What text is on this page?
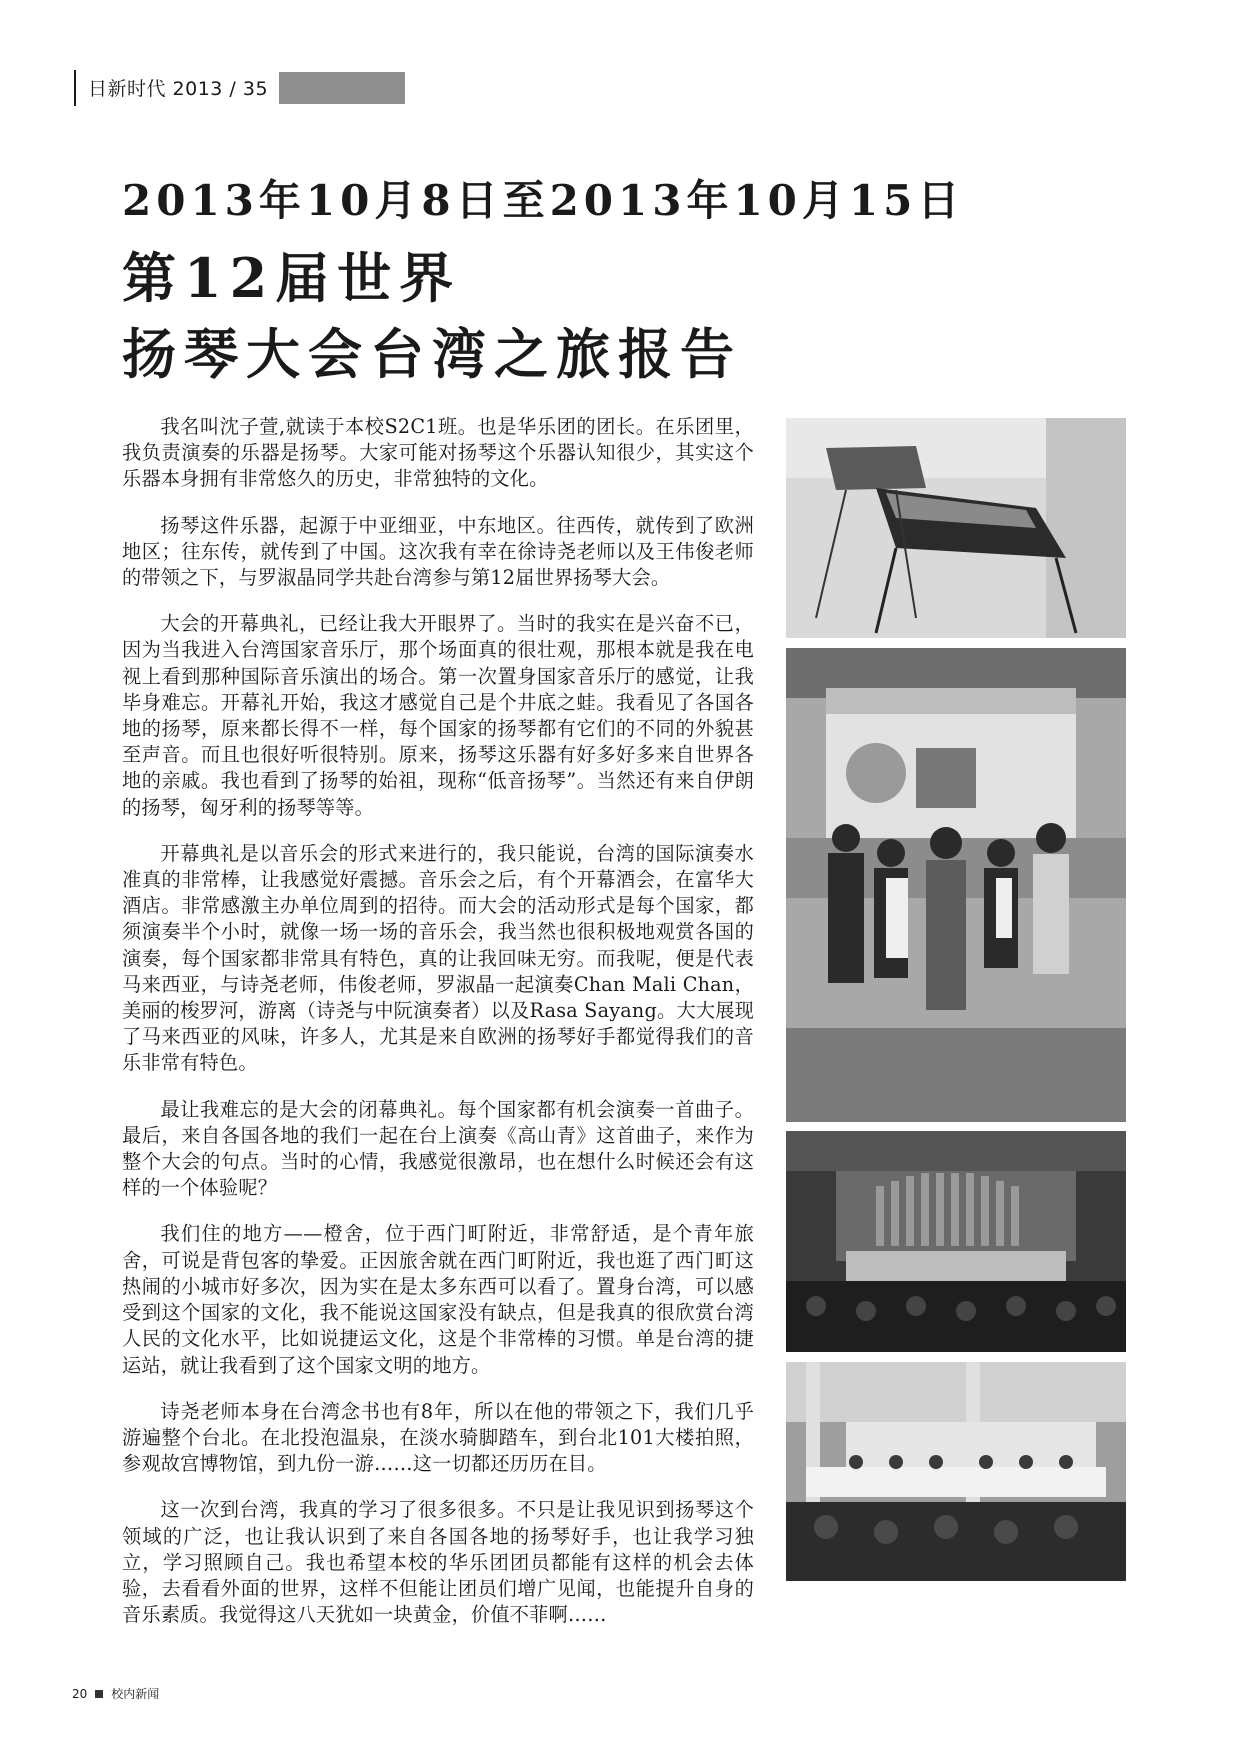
日新时代 2013 / 35
2013年10月8日至2013年10月15日
第12届世界
扬琴大会台湾之旅报告

我名叫沈子萱,就读于本校S2C1班。也是华乐团的团长。在乐团里，我负责演奏的乐器是扬琴。大家可能对扬琴这个乐器认知很少，其实这个乐器本身拥有非常悠久的历史，非常独特的文化。

扬琴这件乐器，起源于中亚细亚，中东地区。往西传，就传到了欧洲地区；往东传，就传到了中国。这次我有幸在徐诗尧老师以及王伟俊老师的带领之下，与罗淑晶同学共赴台湾参与第12届世界扬琴大会。

大会的开幕典礼，已经让我大开眼界了。当时的我实在是兴奋不已，因为当我进入台湾国家音乐厅，那个场面真的很壮观，那根本就是我在电视上看到那种国际音乐演出的场合。第一次置身国家音乐厅的感觉，让我毕身难忘。开幕礼开始，我这才感觉自己是个井底之蛙。我看见了各国各地的扬琴，原来都长得不一样，每个国家的扬琴都有它们的不同的外貌甚至声音。而且也很好听很特别。原来，扬琴这乐器有好多好多来自世界各地的亲戚。我也看到了扬琴的始祖，现称“低音扬琴”。当然还有来自伊朗的扬琴，匈牙利的扬琴等等。

开幕典礼是以音乐会的形式来进行的，我只能说，台湾的国际演奏水准真的非常棒，让我感觉好震撼。音乐会之后，有个开幕酒会，在富华大酒店。非常感激主办单位周到的招待。而大会的活动形式是每个国家，都须演奏半个小时，就像一场一场的音乐会，我当然也很积极地观赏各国的演奏，每个国家都非常具有特色，真的让我回味无穷。而我呢，便是代表马来西亚，与诗尧老师，伟俊老师，罗淑晶一起演奏Chan Mali Chan，美丽的梭罗河，游离（诗尧与中阮演奏者）以及Rasa Sayang。大大展现了马来西亚的风味，许多人，尤其是来自欧洲的扬琴好手都觉得我们的音乐非常有特色。

最让我难忘的是大会的闭幕典礼。每个国家都有机会演奏一首曲子。最后，来自各国各地的我们一起在台上演奏《高山青》这首曲子，来作为整个大会的句点。当时的心情，我感觉很激昂，也在想什么时候还会有这样的一个体验呢？

我们住的地方——橙舍，位于西门町附近，非常舒适，是个青年旅舍，可说是背包客的挚爱。正因旅舍就在西门町附近，我也逛了西门町这热闹的小城市好多次，因为实在是太多东西可以看了。置身台湾，可以感受到这个国家的文化，我不能说这国家没有缺点，但是我真的很欣赏台湾人民的文化水平，比如说捷运文化，这是个非常棒的习惯。单是台湾的捷运站，就让我看到了这个国家文明的地方。

诗尧老师本身在台湾念书也有8年，所以在他的带领之下，我们几乎游遍整个台北。在北投泡温泉，在淡水骑脚踏车，到台北101大楼拍照，参观故宫博物馆，到九份一游……这一切都还历历在目。

这一次到台湾，我真的学习了很多很多。不只是让我见识到扬琴这个领域的广泛，也让我认识到了来自各国各地的扬琴好手，也让我学习独立，学习照顾自己。我也希望本校的华乐团团员都能有这样的机会去体验，去看看外面的世界，这样不但能让团员们增广见闻，也能提升自身的音乐素质。我觉得这八天犹如一块黄金，价值不菲啊……

20 校内新闻
